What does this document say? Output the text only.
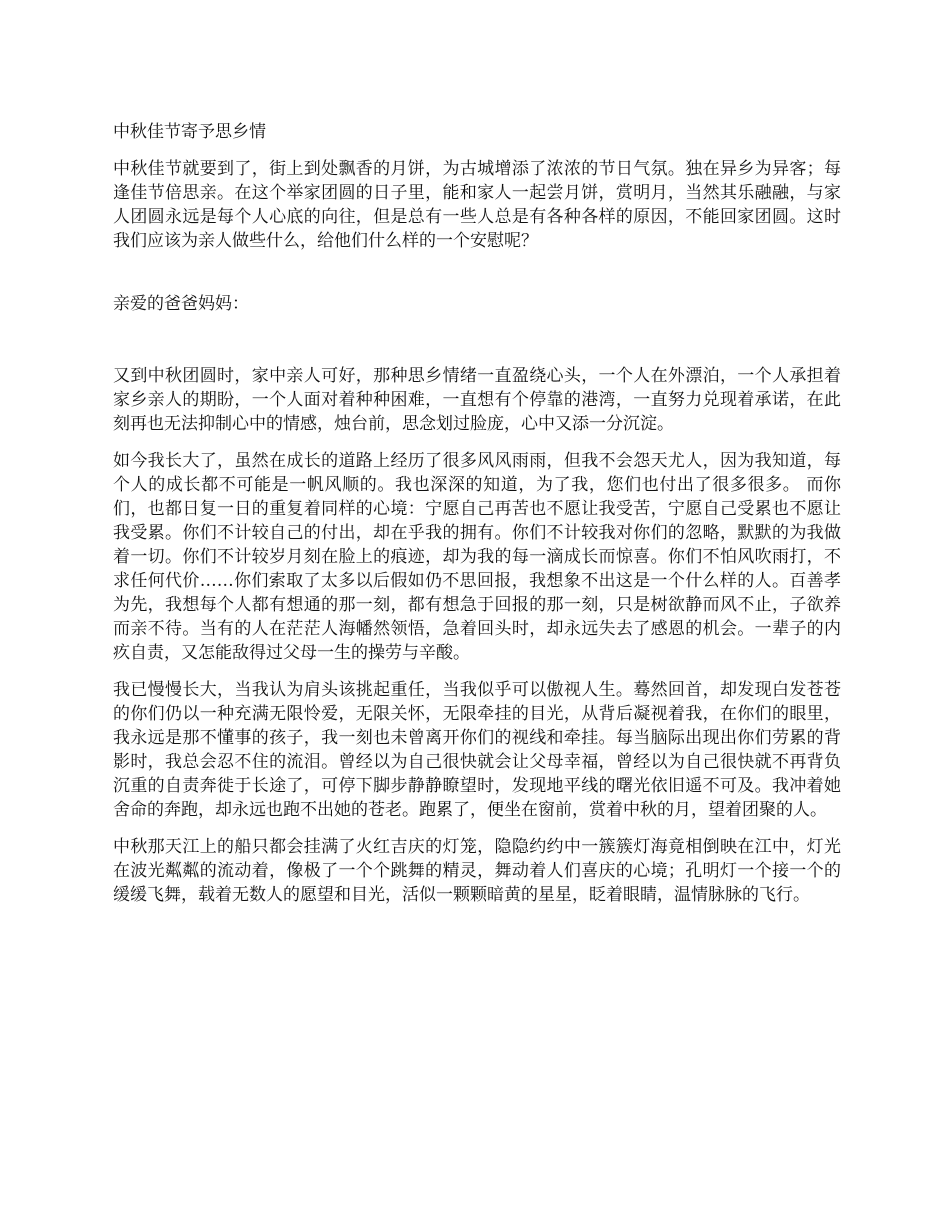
中秋佳节寄予思乡情

中秋佳节就要到了，街上到处飘香的月饼，为古城增添了浓浓的节日气氛。独在异乡为异客；每逢佳节倍思亲。在这个举家团圆的日子里，能和家人一起尝月饼，赏明月，当然其乐融融，与家人团圆永远是每个人心底的向往，但是总有一些人总是有各种各样的原因，不能回家团圆。这时我们应该为亲人做些什么，给他们什么样的一个安慰呢？

亲爱的爸爸妈妈：

又到中秋团圆时，家中亲人可好，那种思乡情绪一直盈绕心头，一个人在外漂泊，一个人承担着家乡亲人的期盼，一个人面对着种种困难，一直想有个停靠的港湾，一直努力兑现着承诺，在此刻再也无法抑制心中的情感，烛台前，思念划过脸庞，心中又添一分沉淀。

如今我长大了，虽然在成长的道路上经历了很多风风雨雨，但我不会怨天尤人，因为我知道，每个人的成长都不可能是一帆风顺的。我也深深的知道，为了我，您们也付出了很多很多。 而你们，也都日复一日的重复着同样的心境：宁愿自己再苦也不愿让我受苦，宁愿自己受累也不愿让我受累。你们不计较自己的付出，却在乎我的拥有。你们不计较我对你们的忽略，默默的为我做着一切。你们不计较岁月刻在脸上的痕迹，却为我的每一滴成长而惊喜。你们不怕风吹雨打，不求任何代价……你们索取了太多以后假如仍不思回报，我想象不出这是一个什么样的人。百善孝为先，我想每个人都有想通的那一刻，都有想急于回报的那一刻，只是树欲静而风不止，子欲养而亲不待。当有的人在茫茫人海幡然领悟，急着回头时，却永远失去了感恩的机会。一辈子的内疚自责，又怎能敌得过父母一生的操劳与辛酸。

我已慢慢长大，当我认为肩头该挑起重任，当我似乎可以傲视人生。蓦然回首，却发现白发苍苍的你们仍以一种充满无限怜爱，无限关怀，无限牵挂的目光，从背后凝视着我，在你们的眼里，我永远是那不懂事的孩子，我一刻也未曾离开你们的视线和牵挂。每当脑际出现出你们劳累的背影时，我总会忍不住的流泪。曾经以为自己很快就会让父母幸福，曾经以为自己很快就不再背负沉重的自责奔徙于长途了，可停下脚步静静瞭望时，发现地平线的曙光依旧遥不可及。我冲着她舍命的奔跑，却永远也跑不出她的苍老。跑累了，便坐在窗前，赏着中秋的月，望着团聚的人。

中秋那天江上的船只都会挂满了火红吉庆的灯笼，隐隐约约中一簇簇灯海竟相倒映在江中，灯光在波光粼粼的流动着，像极了一个个跳舞的精灵，舞动着人们喜庆的心境；孔明灯一个接一个的缓缓飞舞，载着无数人的愿望和目光，活似一颗颗暗黄的星星，眨着眼睛，温情脉脉的飞行。
